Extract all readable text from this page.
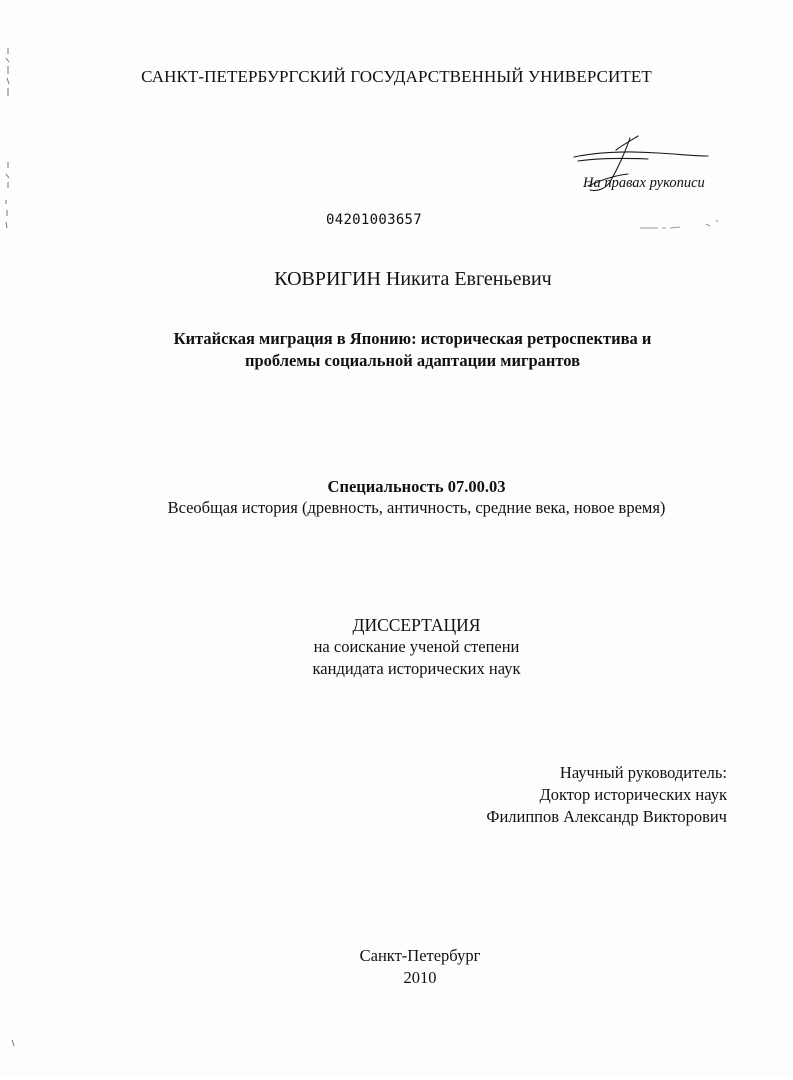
САНКТ-ПЕТЕРБУРГСКИЙ ГОСУДАРСТВЕННЫЙ УНИВЕРСИТЕТ
На правах рукописи
04201003657
КОВРИГИН Никита Евгеньевич
Китайская миграция в Японию: историческая ретроспектива и
проблемы социальной адаптации мигрантов
Специальность 07.00.03
Всеобщая история (древность, античность, средние века, новое время)
ДИССЕРТАЦИЯ
на соискание ученой степени
кандидата исторических наук
Научный руководитель:
Доктор исторических наук
Филиппов Александр Викторович
Санкт-Петербург
2010
